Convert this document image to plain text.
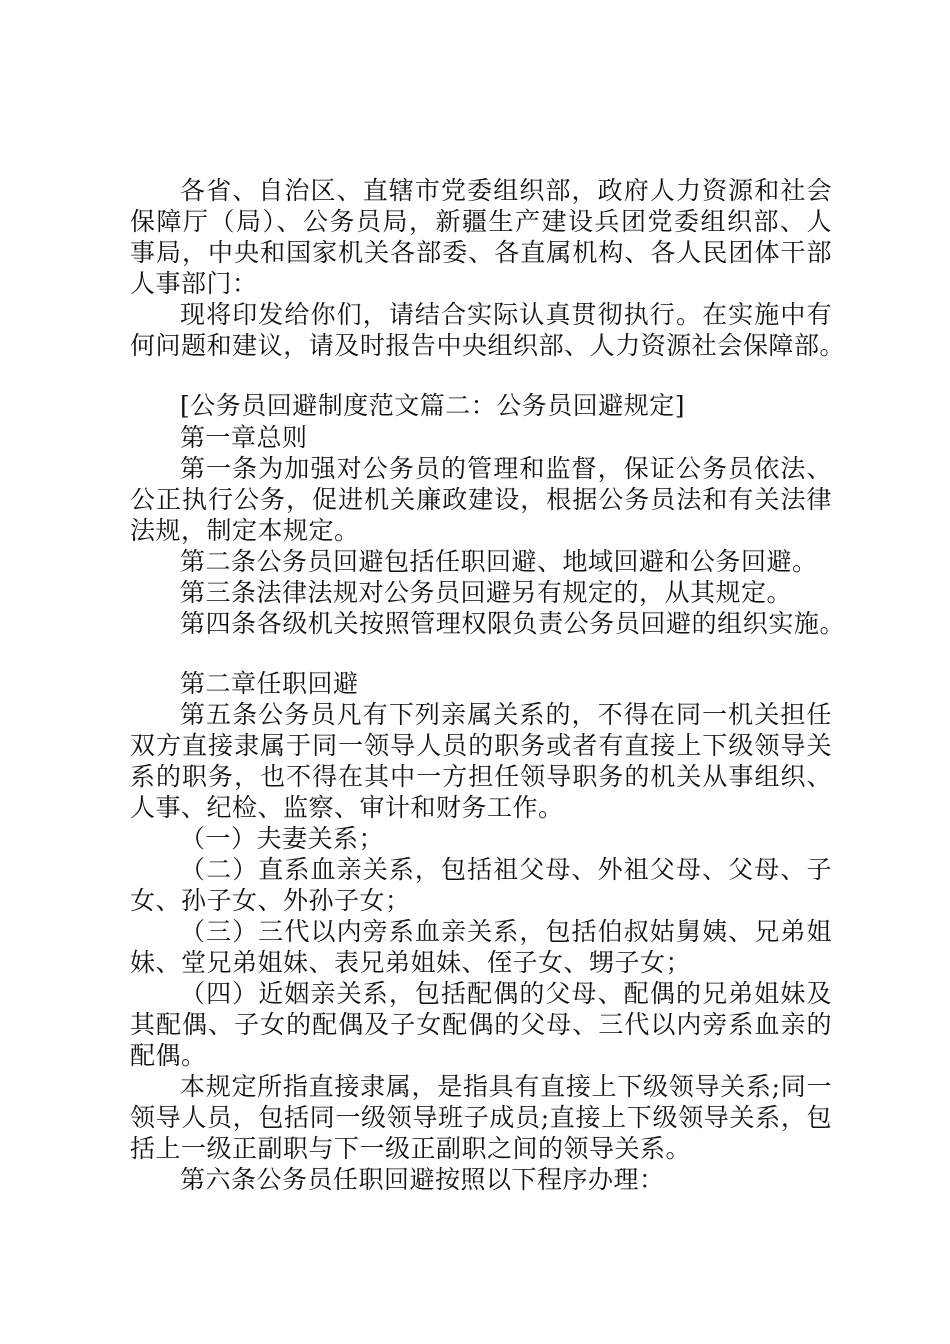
各省、自治区、直辖市党委组织部，政府人力资源和社会
保障厅（局）、公务员局，新疆生产建设兵团党委组织部、人
事局，中央和国家机关各部委、各直属机构、各人民团体干部
人事部门：
现将印发给你们，请结合实际认真贯彻执行。在实施中有
何问题和建议，请及时报告中央组织部、人力资源社会保障部。
[公务员回避制度范文篇二：公务员回避规定]
第一章总则
第一条为加强对公务员的管理和监督，保证公务员依法、
公正执行公务，促进机关廉政建设，根据公务员法和有关法律
法规，制定本规定。
第二条公务员回避包括任职回避、地域回避和公务回避。
第三条法律法规对公务员回避另有规定的，从其规定。
第四条各级机关按照管理权限负责公务员回避的组织实施。
第二章任职回避
第五条公务员凡有下列亲属关系的，不得在同一机关担任
双方直接隶属于同一领导人员的职务或者有直接上下级领导关
系的职务，也不得在其中一方担任领导职务的机关从事组织、
人事、纪检、监察、审计和财务工作。
（一）夫妻关系；
（二）直系血亲关系，包括祖父母、外祖父母、父母、子
女、孙子女、外孙子女；
（三）三代以内旁系血亲关系，包括伯叔姑舅姨、兄弟姐
妹、堂兄弟姐妹、表兄弟姐妹、侄子女、甥子女；
（四）近姻亲关系，包括配偶的父母、配偶的兄弟姐妹及
其配偶、子女的配偶及子女配偶的父母、三代以内旁系血亲的
配偶。
本规定所指直接隶属，是指具有直接上下级领导关系;同一
领导人员，包括同一级领导班子成员;直接上下级领导关系，包
括上一级正副职与下一级正副职之间的领导关系。
第六条公务员任职回避按照以下程序办理：
